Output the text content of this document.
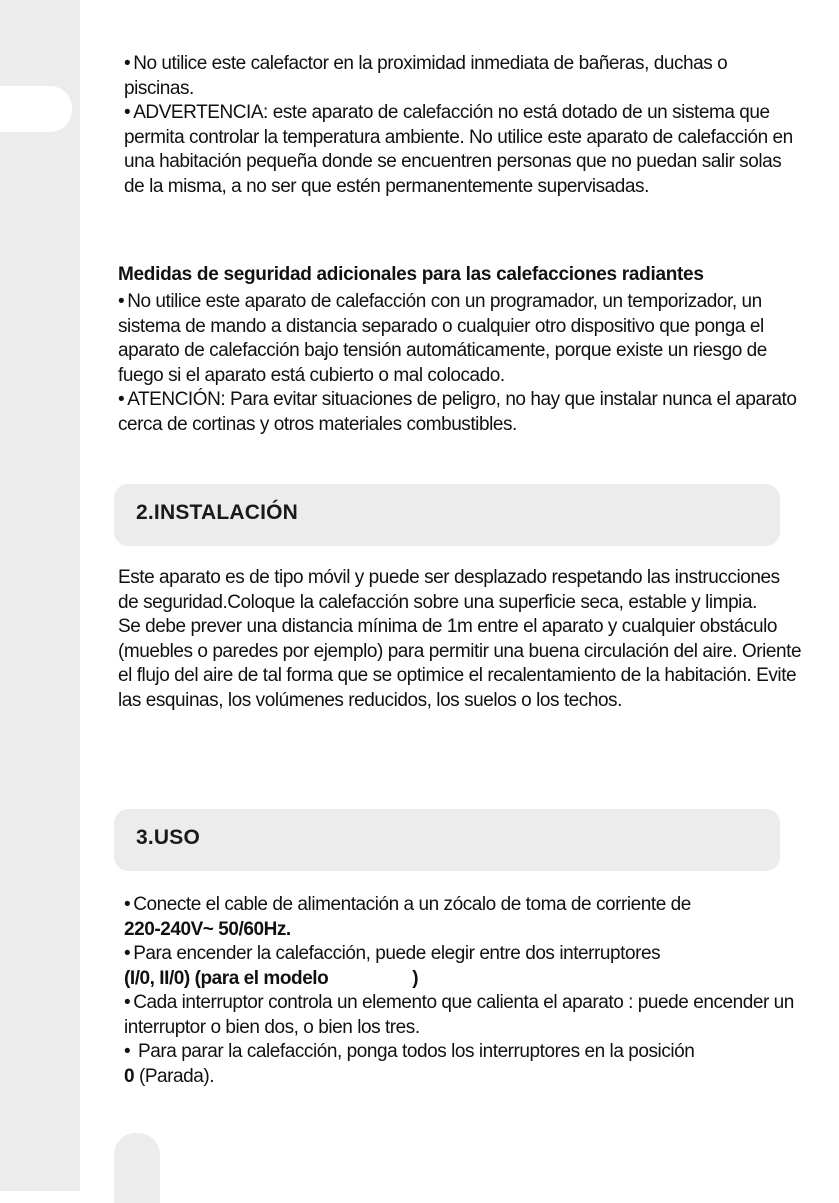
• No utilice este calefactor en la proximidad inmediata de bañeras, duchas o piscinas.

• ADVERTENCIA: este aparato de calefacción no está dotado de un sistema que permita controlar la temperatura ambiente. No utilice este aparato de calefacción en una habitación pequeña donde se encuentren personas que no puedan salir solas de la misma, a no ser que estén permanentemente supervisadas.

Medidas de seguridad adicionales para las calefacciones radiantes

• No utilice este aparato de calefacción con un programador, un temporizador, un sistema de mando a distancia separado o cualquier otro dispositivo que ponga el aparato de calefacción bajo tensión automáticamente, porque existe un riesgo de fuego si el aparato está cubierto o mal colocado.

• ATENCIÓN: Para evitar situaciones de peligro, no hay que instalar nunca el aparato cerca de cortinas y otros materiales combustibles.

2.INSTALACIÓN

Este aparato es de tipo móvil y puede ser desplazado respetando las instrucciones de seguridad.Coloque la calefacción sobre una superficie seca, estable y limpia.

Se debe prever una distancia mínima de 1m entre el aparato y cualquier obstáculo (muebles o paredes por ejemplo) para permitir una buena circulación del aire. Oriente el flujo del aire de tal forma que se optimice el recalentamiento de la habitación. Evite las esquinas, los volúmenes reducidos, los suelos o los techos.

3.USO

• Conecte el cable de alimentación a un zócalo de toma de corriente de
220-240V~ 50/60Hz.

• Para encender la calefacción, puede elegir entre dos interruptores
(I/0, II/0) (para el modelo	)

• Cada interruptor controla un elemento que calienta el aparato : puede encender un interruptor o bien dos, o bien los tres.

• Para parar la calefacción, ponga todos los interruptores en la posición
0 (Parada).
